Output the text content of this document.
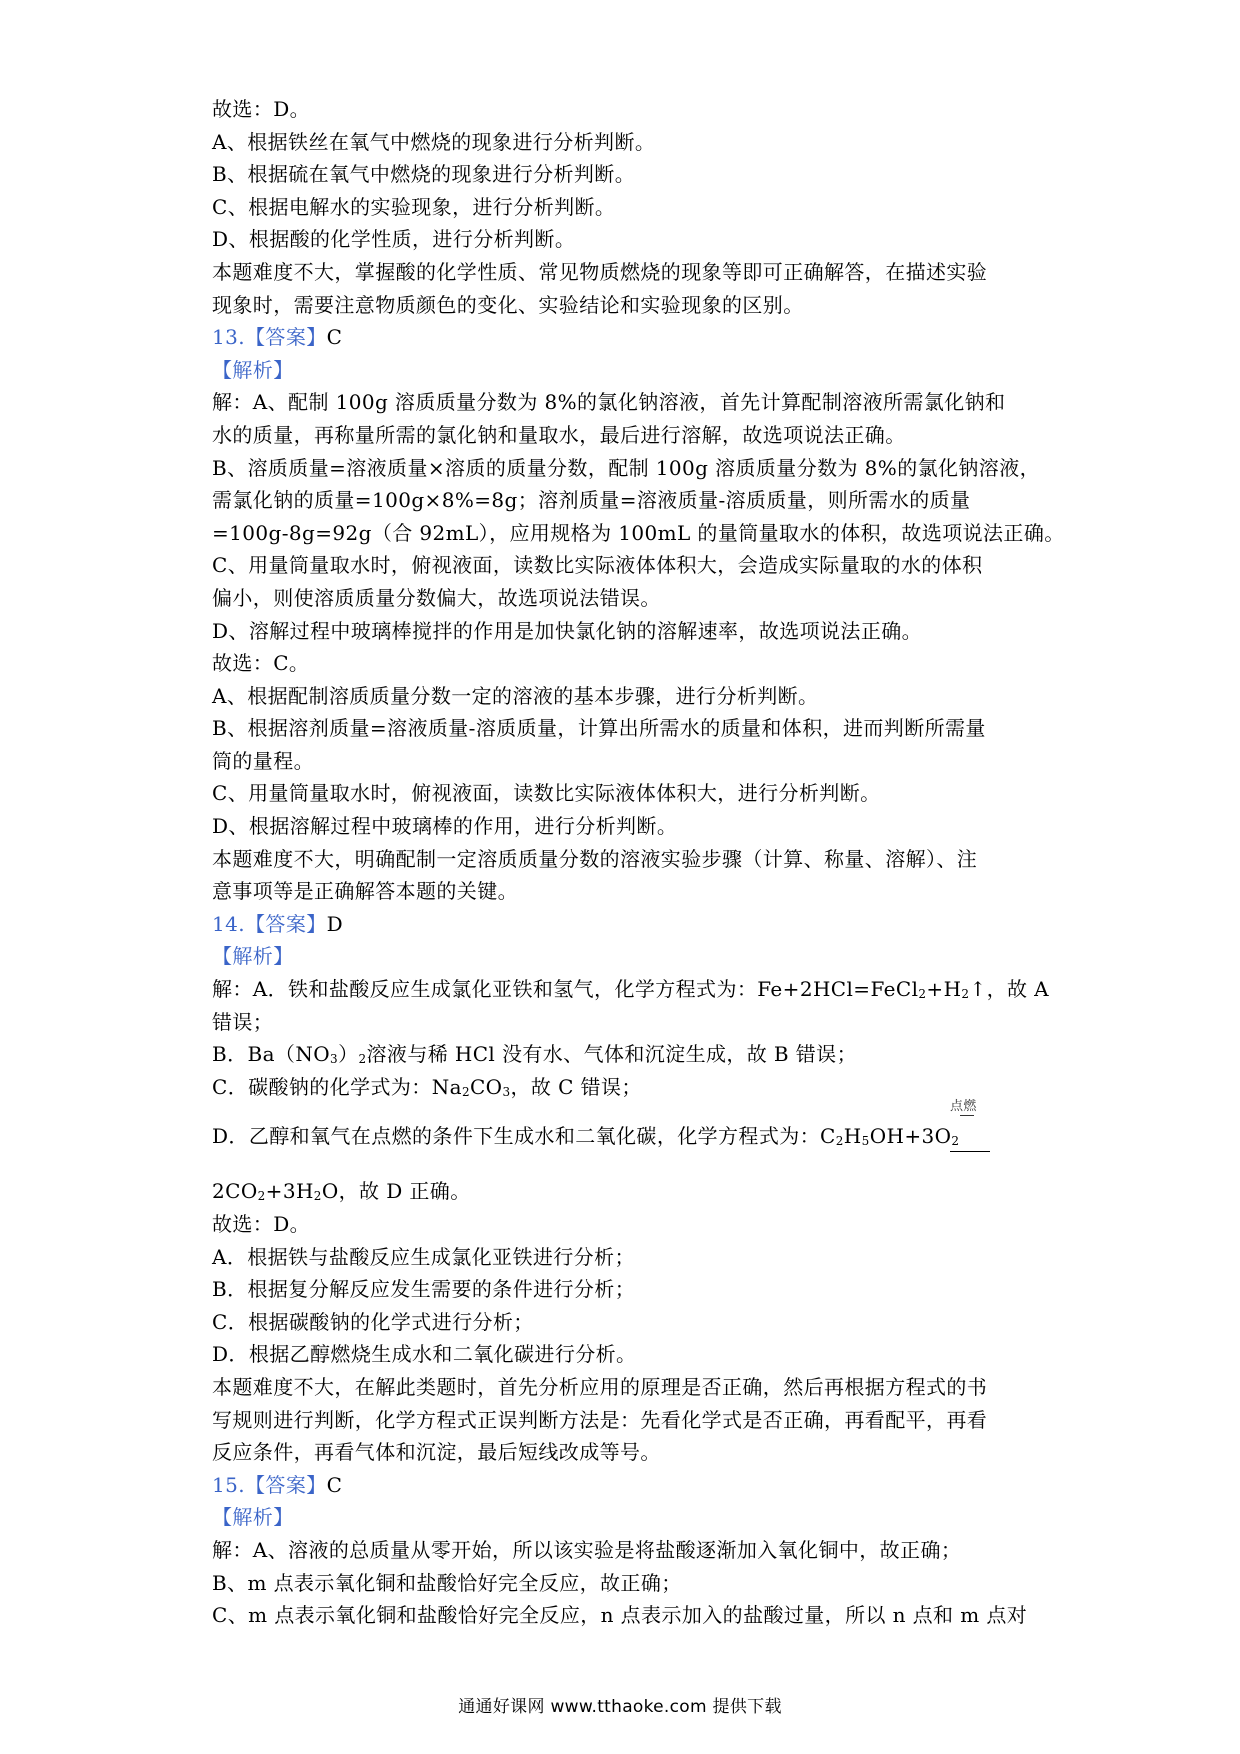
故选：D。
A、根据铁丝在氧气中燃烧的现象进行分析判断。
B、根据硫在氧气中燃烧的现象进行分析判断。
C、根据电解水的实验现象，进行分析判断。
D、根据酸的化学性质，进行分析判断。
本题难度不大，掌握酸的化学性质、常见物质燃烧的现象等即可正确解答，在描述实验
现象时，需要注意物质颜色的变化、实验结论和实验现象的区别。
13.【答案】C
【解析】
解：A、配制 100g 溶质质量分数为 8%的氯化钠溶液，首先计算配制溶液所需氯化钠和
水的质量，再称量所需的氯化钠和量取水，最后进行溶解，故选项说法正确。
B、溶质质量=溶液质量×溶质的质量分数，配制 100g 溶质质量分数为 8%的氯化钠溶液，
需氯化钠的质量=100g×8%=8g；溶剂质量=溶液质量-溶质质量，则所需水的质量
=100g-8g=92g（合 92mL），应用规格为 100mL 的量筒量取水的体积，故选项说法正确。
C、用量筒量取水时，俯视液面，读数比实际液体体积大，会造成实际量取的水的体积
偏小，则使溶质质量分数偏大，故选项说法错误。
D、溶解过程中玻璃棒搅拌的作用是加快氯化钠的溶解速率，故选项说法正确。
故选：C。
A、根据配制溶质质量分数一定的溶液的基本步骤，进行分析判断。
B、根据溶剂质量=溶液质量-溶质质量，计算出所需水的质量和体积，进而判断所需量
筒的量程。
C、用量筒量取水时，俯视液面，读数比实际液体体积大，进行分析判断。
D、根据溶解过程中玻璃棒的作用，进行分析判断。
本题难度不大，明确配制一定溶质质量分数的溶液实验步骤（计算、称量、溶解）、注
意事项等是正确解答本题的关键。
14.【答案】D
【解析】
解：A．铁和盐酸反应生成氯化亚铁和氢气，化学方程式为：$Fe+2HCl=FeCl_2+H_2↑$，故 A
错误；
B．$Ba(NO_3)_2$溶液与稀 HCl 没有水、气体和沉淀生成，故 B 错误；
C．碳酸钠的化学式为：$Na_2CO_3$，故 C 错误；
D．乙醇和氧气在点燃的条件下生成水和二氧化碳，化学方程式为：$C_2H_5OH+3O_2$
点燃
$2CO_2+3H_2O$，故 D 正确。
故选：D。
A．根据铁与盐酸反应生成氯化亚铁进行分析；
B．根据复分解反应发生需要的条件进行分析；
C．根据碳酸钠的化学式进行分析；
D．根据乙醇燃烧生成水和二氧化碳进行分析。
本题难度不大，在解此类题时，首先分析应用的原理是否正确，然后再根据方程式的书
写规则进行判断，化学方程式正误判断方法是：先看化学式是否正确，再看配平，再看
反应条件，再看气体和沉淀，最后短线改成等号。
15.【答案】C
【解析】
解：A、溶液的总质量从零开始，所以该实验是将盐酸逐渐加入氧化铜中，故正确；
B、m 点表示氧化铜和盐酸恰好完全反应，故正确；
C、m 点表示氧化铜和盐酸恰好完全反应，n 点表示加入的盐酸过量，所以 n 点和 m 点对
通通好课网 www.tthaoke.com 提供下载
